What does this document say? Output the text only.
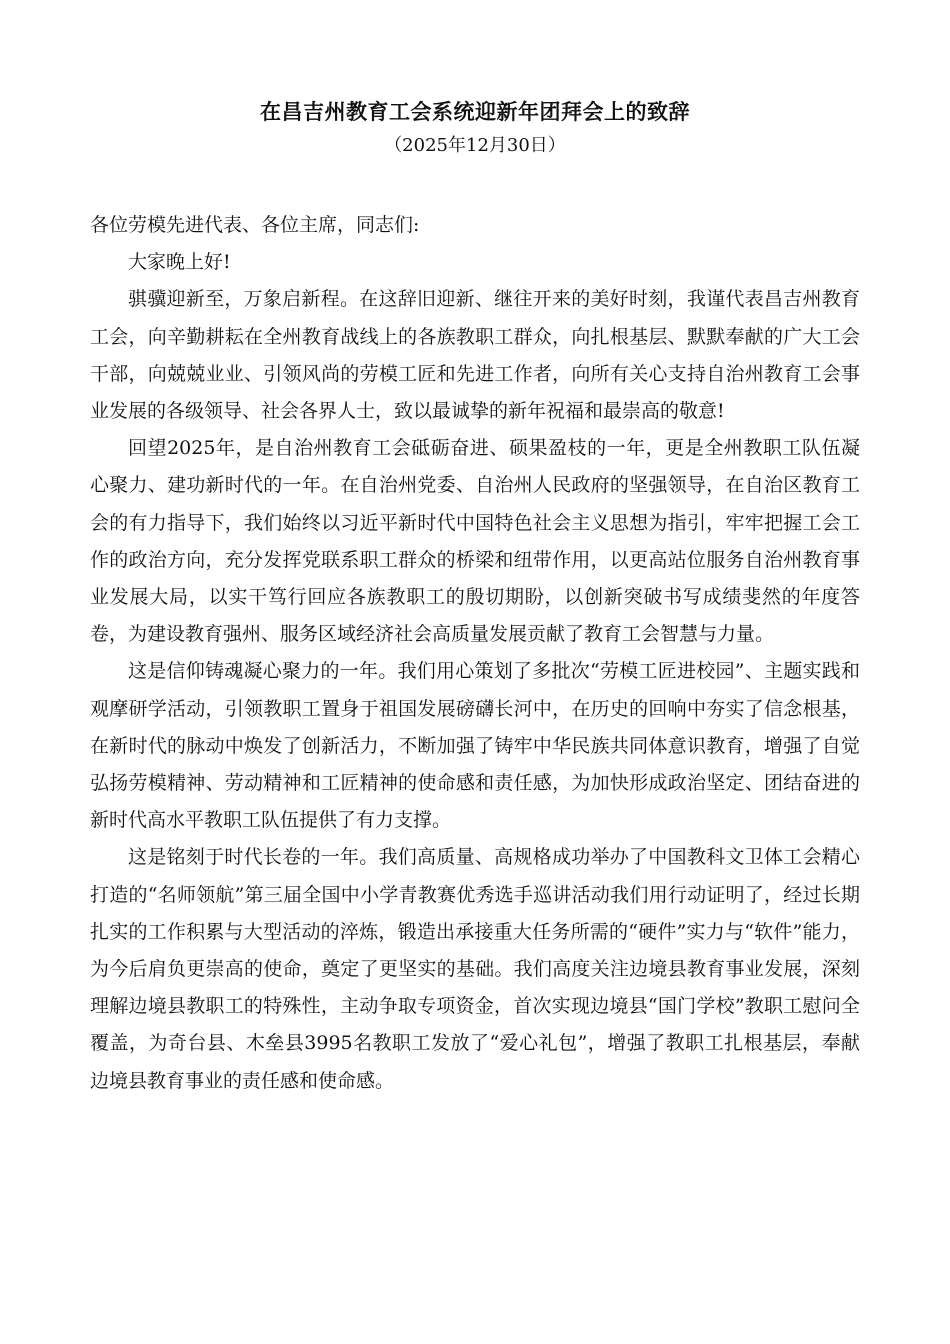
在昌吉州教育工会系统迎新年团拜会上的致辞
（2025年12月30日）

各位劳模先进代表、各位主席，同志们:

大家晚上好!

骐骥迎新至，万象启新程。在这辞旧迎新、继往开来的美好时刻，我谨代表昌吉州教育工会，向辛勤耕耘在全州教育战线上的各族教职工群众，向扎根基层、默默奉献的广大工会干部，向兢兢业业、引领风尚的劳模工匠和先进工作者，向所有关心支持自治州教育工会事业发展的各级领导、社会各界人士，致以最诚挚的新年祝福和最崇高的敬意!

回望2025年，是自治州教育工会砥砺奋进、硕果盈枝的一年，更是全州教职工队伍凝心聚力、建功新时代的一年。在自治州党委、自治州人民政府的坚强领导，在自治区教育工会的有力指导下，我们始终以习近平新时代中国特色社会主义思想为指引，牢牢把握工会工作的政治方向，充分发挥党联系职工群众的桥梁和纽带作用，以更高站位服务自治州教育事业发展大局，以实干笃行回应各族教职工的殷切期盼，以创新突破书写成绩斐然的年度答卷，为建设教育强州、服务区域经济社会高质量发展贡献了教育工会智慧与力量。

这是信仰铸魂凝心聚力的一年。我们用心策划了多批次“劳模工匠进校园”、主题实践和观摩研学活动，引领教职工置身于祖国发展磅礴长河中，在历史的回响中夯实了信念根基，在新时代的脉动中焕发了创新活力，不断加强了铸牢中华民族共同体意识教育，增强了自觉弘扬劳模精神、劳动精神和工匠精神的使命感和责任感，为加快形成政治坚定、团结奋进的新时代高水平教职工队伍提供了有力支撑。

这是铭刻于时代长卷的一年。我们高质量、高规格成功举办了中国教科文卫体工会精心打造的“名师领航”第三届全国中小学青教赛优秀选手巡讲活动我们用行动证明了，经过长期扎实的工作积累与大型活动的淬炼，锻造出承接重大任务所需的“硬件”实力与“软件”能力，为今后肩负更崇高的使命，奠定了更坚实的基础。我们高度关注边境县教育事业发展，深刻理解边境县教职工的特殊性，主动争取专项资金，首次实现边境县“国门学校”教职工慰问全覆盖，为奇台县、木垒县3995名教职工发放了“爱心礼包”，增强了教职工扎根基层，奉献边境县教育事业的责任感和使命感。
